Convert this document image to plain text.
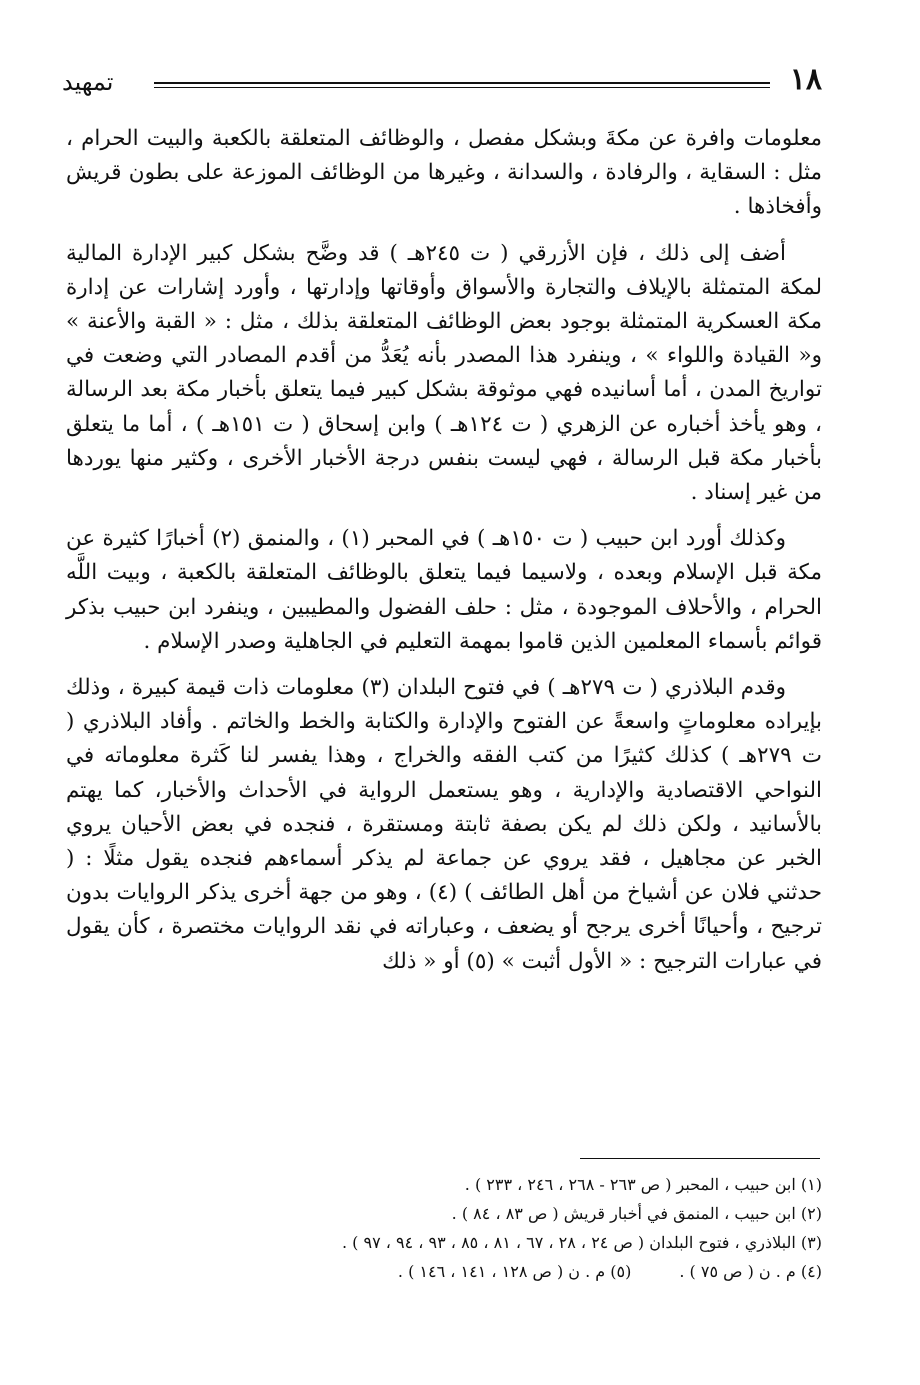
١٨
تمهيد

معلومات وافرة عن مكةَ وبشكل مفصل ، والوظائف المتعلقة بالكعبة والبيت الحرام ، مثل : السقاية ، والرفادة ، والسدانة ، وغيرها من الوظائف الموزعة على بطون قريش وأفخاذها .

أضف إلى ذلك ، فإن الأزرقي ( ت ٢٤٥هـ ) قد وضَّح بشكل كبير الإدارة المالية لمكة المتمثلة بالإيلاف والتجارة والأسواق وأوقاتها وإدارتها ، وأورد إشارات عن إدارة مكة العسكرية المتمثلة بوجود بعض الوظائف المتعلقة بذلك ، مثل : « القبة والأعنة » و« القيادة واللواء » ، وينفرد هذا المصدر بأنه يُعَدُّ من أقدم المصادر التي وضعت في تواريخ المدن ، أما أسانيده فهي موثوقة بشكل كبير فيما يتعلق بأخبار مكة بعد الرسالة ، وهو يأخذ أخباره عن الزهري ( ت ١٢٤هـ ) وابن إسحاق ( ت ١٥١هـ ) ، أما ما يتعلق بأخبار مكة قبل الرسالة ، فهي ليست بنفس درجة الأخبار الأخرى ، وكثير منها يوردها من غير إسناد .

وكذلك أورد ابن حبيب ( ت ١٥٠هـ ) في المحبر (١) ، والمنمق (٢) أخبارًا كثيرة عن مكة قبل الإسلام وبعده ، ولاسيما فيما يتعلق بالوظائف المتعلقة بالكعبة ، وبيت اللَّه الحرام ، والأحلاف الموجودة ، مثل : حلف الفضول والمطيبين ، وينفرد ابن حبيب بذكر قوائم بأسماء المعلمين الذين قاموا بمهمة التعليم في الجاهلية وصدر الإسلام .

وقدم البلاذري ( ت ٢٧٩هـ ) في فتوح البلدان (٣) معلومات ذات قيمة كبيرة ، وذلك بإيراده معلوماتٍ واسعةً عن الفتوح والإدارة والكتابة والخط والخاتم . وأفاد البلاذري ( ت ٢٧٩هـ ) كذلك كثيرًا من كتب الفقه والخراج ، وهذا يفسر لنا كَثرة معلوماته في النواحي الاقتصادية والإدارية ، وهو يستعمل الرواية في الأحداث والأخبار، كما يهتم بالأسانيد ، ولكن ذلك لم يكن بصفة ثابتة ومستقرة ، فنجده في بعض الأحيان يروي الخبر عن مجاهيل ، فقد يروي عن جماعة لم يذكر أسماءهم فنجده يقول مثلًا : ( حدثني فلان عن أشياخ من أهل الطائف ) (٤) ، وهو من جهة أخرى يذكر الروايات بدون ترجيح ، وأحيانًا أخرى يرجح أو يضعف ، وعباراته في نقد الروايات مختصرة ، كأن يقول في عبارات الترجيح : « الأول أثبت » (٥) أو « ذلك

(١) ابن حبيب ، المحبر ( ص ٢٦٣ - ٢٦٨ ، ٢٤٦ ، ٢٣٣ ) .
(٢) ابن حبيب ، المنمق في أخبار قريش ( ص ٨٣ ، ٨٤ ) .
(٣) البلاذري ، فتوح البلدان ( ص ٢٤ ، ٢٨ ، ٦٧ ، ٨١ ، ٨٥ ، ٩٣ ، ٩٤ ، ٩٧ ) .
(٤) م . ن ( ص ٧٥ ) .(٥) م . ن ( ص ١٢٨ ، ١٤١ ، ١٤٦ ) .
